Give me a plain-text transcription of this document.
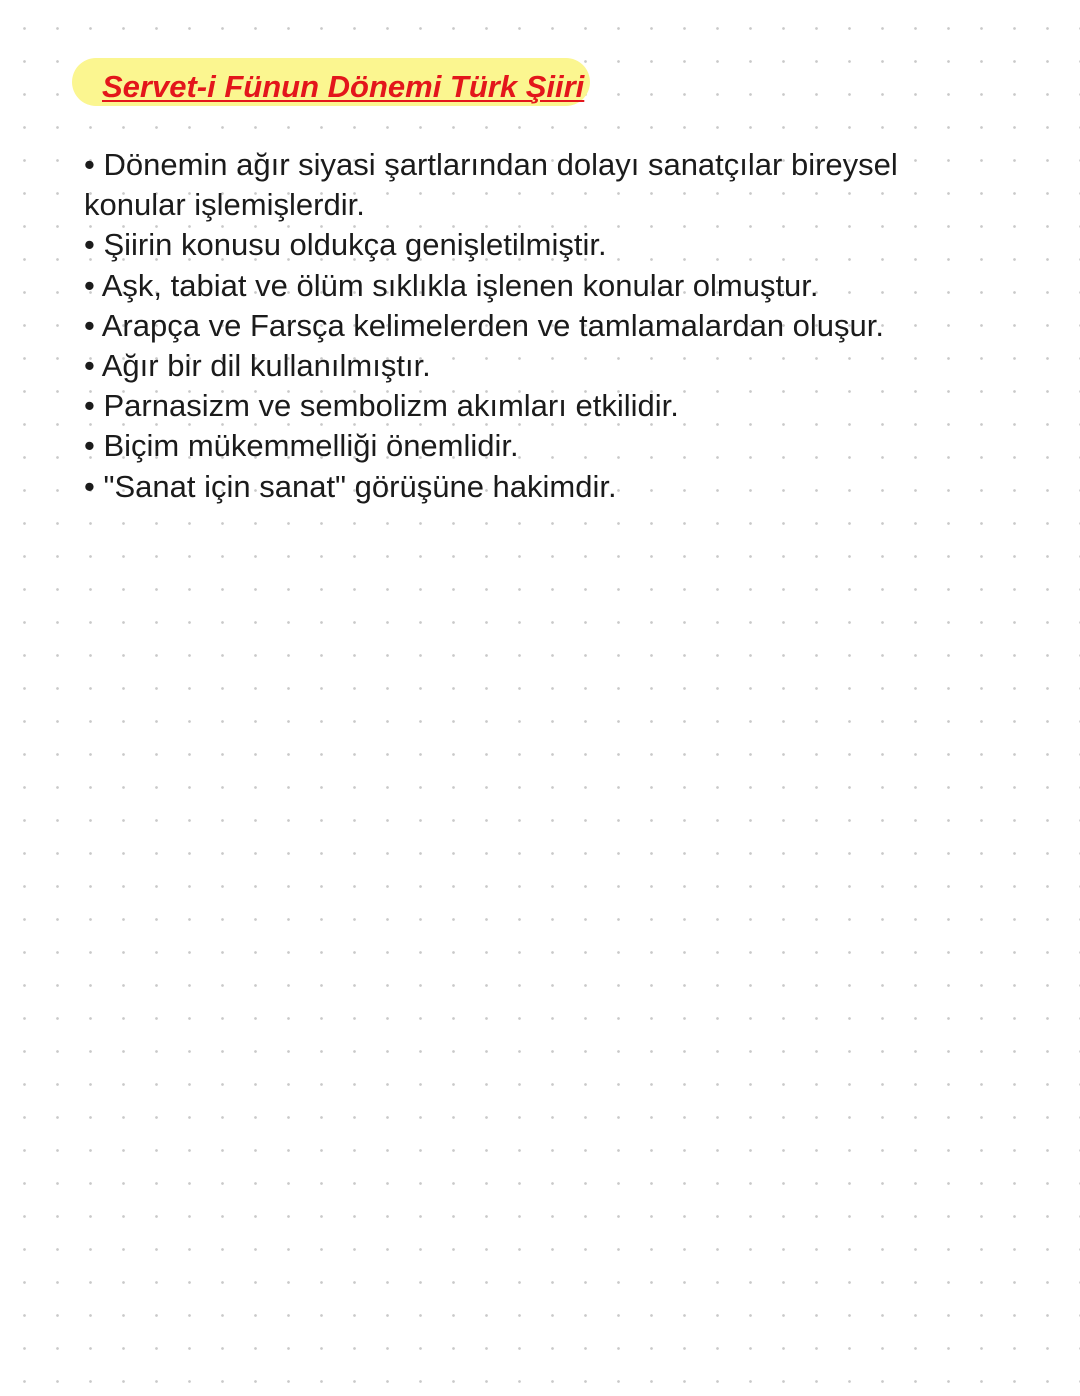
Servet-i Fünun Dönemi Türk Şiiri

• Dönemin ağır siyasi şartlarından dolayı sanatçılar bireysel

konular işlemişlerdir.

• Şiirin konusu oldukça genişletilmiştir.

• Aşk, tabiat ve ölüm sıklıkla işlenen konular olmuştur.

• Arapça ve Farsça kelimelerden ve tamlamalardan oluşur.

• Ağır bir dil kullanılmıştır.

• Parnasizm ve sembolizm akımları etkilidir.

• Biçim mükemmelliği önemlidir.

• "Sanat için sanat" görüşüne hakimdir.
